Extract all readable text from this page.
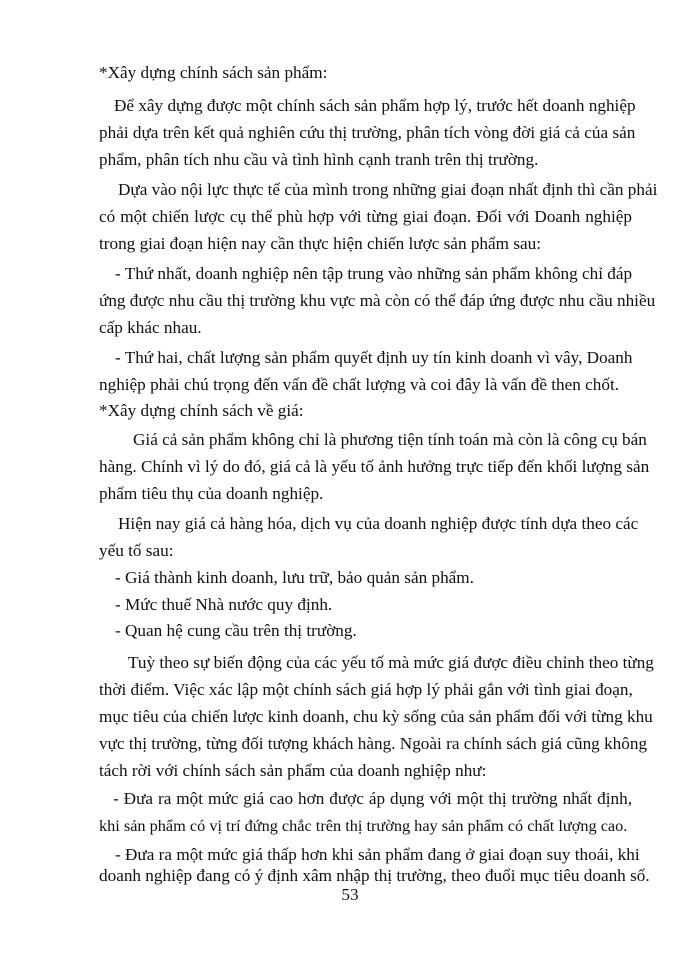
*Xây dựng chính sách sản phẩm:
Để xây dựng được một chính sách sản phẩm hợp lý, trước hết doanh nghiệp
phải dựa trên kết quả nghiên cứu thị trường, phân tích vòng đời giá cả của sản
phẩm, phân tích nhu cầu và tình hình cạnh tranh trên thị trường.
Dựa vào nội lực thực tế của mình trong những giai đoạn nhất định thì cần phải
có một chiến lược cụ thể phù hợp với từng giai đoạn. Đối với Doanh nghiệp
trong giai đoạn hiện nay cần thực hiện chiến lược sản phẩm sau:
- Thứ nhất, doanh nghiệp nên tập trung vào những sản phẩm không chỉ đáp
ứng được nhu cầu thị trường khu vực mà còn có thể đáp ứng được nhu cầu nhiều
cấp khác nhau.
- Thứ hai, chất lượng sản phẩm quyết định uy tín kinh doanh vì vây, Doanh
nghiệp phải chú trọng đến vấn đề chất lượng và coi đây là vấn đề then chốt.
*Xây dựng chính sách về giá:
Giá cả sản phẩm không chỉ là phương tiện tính toán mà còn là công cụ bán
hàng. Chính vì lý do đó, giá cả là yếu tố ảnh hưởng trực tiếp đến khối lượng sản
phẩm tiêu thụ của doanh nghiệp.
Hiện nay giá cả hàng hóa, dịch vụ của doanh nghiệp được tính dựa theo các
yếu tố sau:
- Giá thành kinh doanh, lưu trữ, bảo quản sản phẩm.
- Mức thuế Nhà nước quy định.
- Quan hệ cung cầu trên thị trường.
Tuỳ theo sự biến động của các yếu tố mà mức giá được điều chỉnh theo từng
thời điểm. Việc xác lập một chính sách giá hợp lý phải gắn với tình giai đoạn,
mục tiêu của chiến lược kinh doanh, chu kỳ sống của sản phẩm đối với từng khu
vực thị trường, từng đối tượng khách hàng. Ngoài ra chính sách giá cũng không
tách rời với chính sách sản phẩm của doanh nghiệp như:
- Đưa ra một mức giá cao hơn được áp dụng với một thị trường nhất định,
khi sản phẩm có vị trí đứng chắc trên thị trường hay sản phẩm có chất lượng cao.
- Đưa ra một mức giá thấp hơn khi sản phẩm đang ở giai đoạn suy thoái, khi
doanh nghiệp đang có ý định xâm nhập thị trường, theo đuổi mục tiêu doanh số.
53
